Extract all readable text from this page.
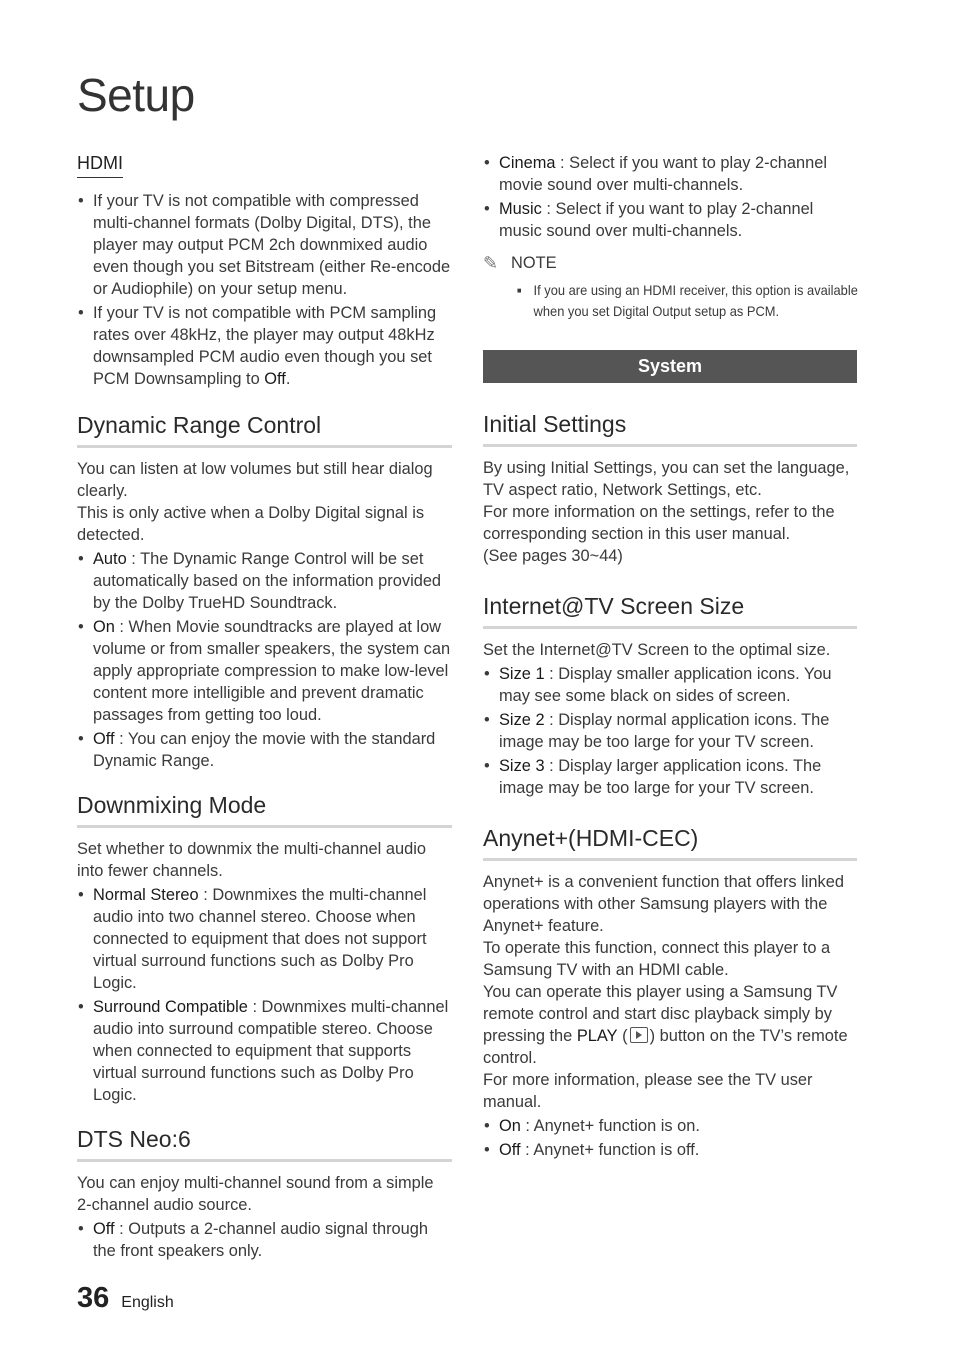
Setup
HDMI
• If your TV is not compatible with compressed multi-channel formats (Dolby Digital, DTS), the player may output PCM 2ch downmixed audio even though you set Bitstream (either Re-encode or Audiophile) on your setup menu.
• If your TV is not compatible with PCM sampling rates over 48kHz, the player may output 48kHz downsampled PCM audio even though you set PCM Downsampling to Off.
Dynamic Range Control

You can listen at low volumes but still hear dialog clearly.

This is only active when a Dolby Digital signal is detected.

• Auto : The Dynamic Range Control will be set automatically based on the information provided by the Dolby TrueHD Soundtrack.
• On : When Movie soundtracks are played at low volume or from smaller speakers, the system can apply appropriate compression to make low-level content more intelligible and prevent dramatic passages from getting too loud.
• Off : You can enjoy the movie with the standard Dynamic Range.
Downmixing Mode

Set whether to downmix the multi-channel audio into fewer channels.

• Normal Stereo : Downmixes the multi-channel audio into two channel stereo. Choose when connected to equipment that does not support virtual surround functions such as Dolby Pro Logic.
• Surround Compatible : Downmixes multi-channel audio into surround compatible stereo. Choose when connected to equipment that supports virtual surround functions such as Dolby Pro Logic.
DTS Neo:6

You can enjoy multi-channel sound from a simple 2-channel audio source.

• Off : Outputs a 2-channel audio signal through the front speakers only.
• Cinema : Select if you want to play 2-channel movie sound over multi-channels.
• Music : Select if you want to play 2-channel music sound over multi-channels.
✎ NOTE
■ If you are using an HDMI receiver, this option is available when you set Digital Output setup as PCM.
System
Initial Settings

By using Initial Settings, you can set the language, TV aspect ratio, Network Settings, etc.

For more information on the settings, refer to the corresponding section in this user manual.

(See pages 30~44)

Internet@TV Screen Size

Set the Internet@TV Screen to the optimal size.

• Size 1 : Display smaller application icons. You may see some black on sides of screen.
• Size 2 : Display normal application icons. The image may be too large for your TV screen.
• Size 3 : Display larger application icons. The image may be too large for your TV screen.
Anynet+(HDMI-CEC)

Anynet+ is a convenient function that offers linked operations with other Samsung players with the Anynet+ feature.

To operate this function, connect this player to a Samsung TV with an HDMI cable.

You can operate this player using a Samsung TV remote control and start disc playback simply by pressing the PLAY ( ) button on the TV’s remote control.

For more information, please see the TV user manual.

• On : Anynet+ function is on.
• Off : Anynet+ function is off.
36 English
